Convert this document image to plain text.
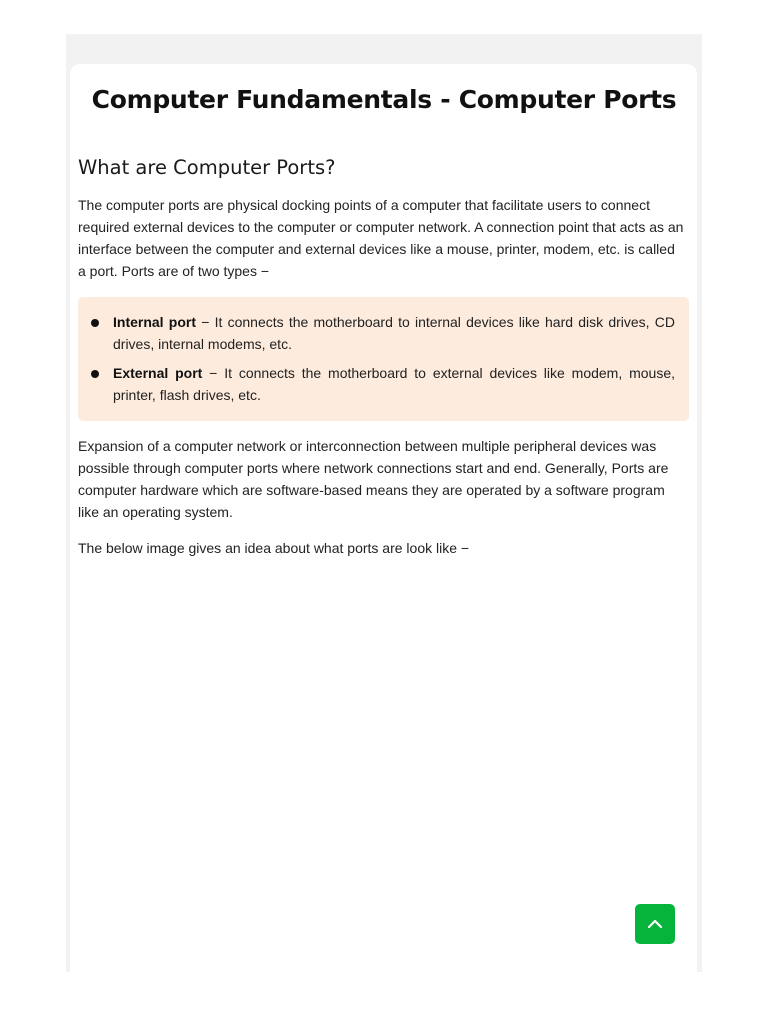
Computer Fundamentals - Computer Ports
What are Computer Ports?

The computer ports are physical docking points of a computer that facilitate users to connect required external devices to the computer or computer network. A connection point that acts as an interface between the computer and external devices like a mouse, printer, modem, etc. is called a port. Ports are of two types −

Internal port − It connects the motherboard to internal devices like hard disk drives, CD drives, internal modems, etc.
External port − It connects the motherboard to external devices like modem, mouse, printer, flash drives, etc.

Expansion of a computer network or interconnection between multiple peripheral devices was possible through computer ports where network connections start and end. Generally, Ports are computer hardware which are software-based means they are operated by a software program like an operating system.

The below image gives an idea about what ports are look like −
